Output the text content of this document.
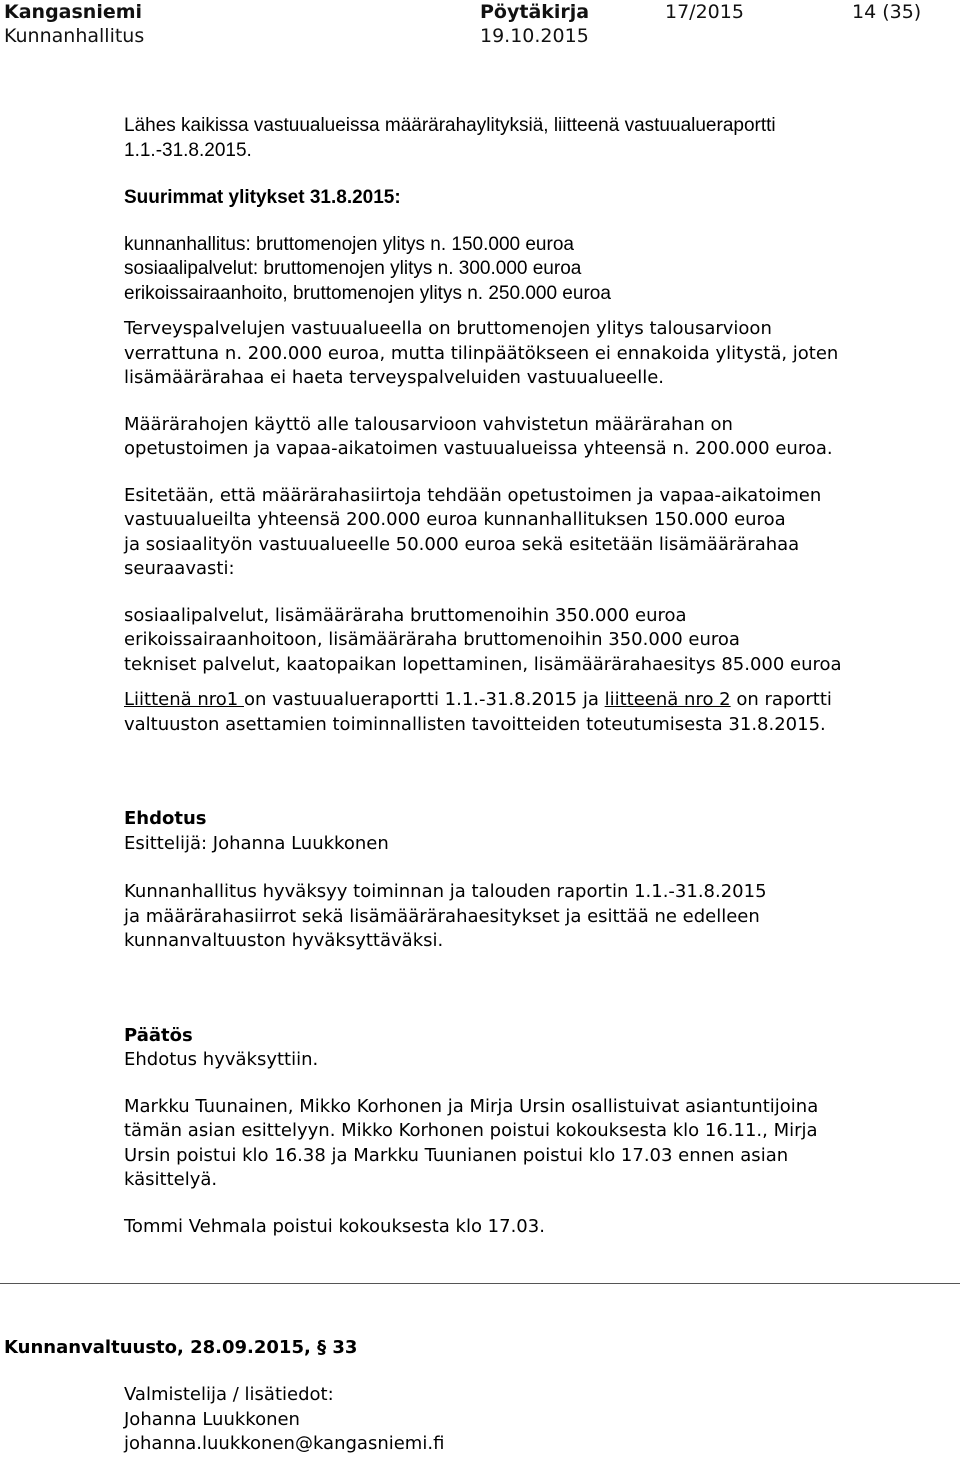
Kangasniemi
Kunnanhallitus
Pöytäkirja
19.10.2015
17/2015	14 (35)
Lähes kaikissa vastuualueissa määrärahaylityksiä, liitteenä vastuualueraportti
1.1.-31.8.2015.
Suurimmat ylitykset 31.8.2015:
kunnanhallitus: bruttomenojen ylitys n. 150.000 euroa
sosiaalipalvelut: bruttomenojen ylitys n. 300.000 euroa
erikoissairaanhoito, bruttomenojen ylitys n. 250.000 euroa
Terveyspalvelujen vastuualueella on bruttomenojen ylitys talousarvioon
verrattuna n. 200.000 euroa, mutta tilinpäätökseen ei ennakoida ylitystä, joten
lisämäärärahaa ei haeta terveyspalveluiden vastuualueelle.
Määrärahojen käyttö alle talousarvioon vahvistetun määrärahan on
opetustoimen ja vapaa-aikatoimen vastuualueissa yhteensä n. 200.000 euroa.
Esitetään, että määrärahasiirtoja tehdään opetustoimen ja vapaa-aikatoimen
vastuualueilta yhteensä 200.000 euroa kunnanhallituksen 150.000 euroa
ja sosiaalityön vastuualueelle 50.000 euroa sekä esitetään lisämäärärahaa
seuraavasti:
sosiaalipalvelut, lisämääräraha bruttomenoihin 350.000 euroa
erikoissairaanhoitoon, lisämääräraha bruttomenoihin 350.000 euroa
tekniset palvelut, kaatopaikan lopettaminen, lisämäärärahaesitys 85.000 euroa
Liittenä nro1 on vastuualueraportti 1.1.-31.8.2015 ja liitteenä nro 2 on raportti
valtuuston asettamien toiminnallisten tavoitteiden toteutumisesta 31.8.2015.
Ehdotus
Esittelijä: Johanna Luukkonen
Kunnanhallitus hyväksyy toiminnan ja talouden raportin 1.1.-31.8.2015
ja määrärahasiirrot sekä lisämäärärahaesitykset ja esittää ne edelleen
kunnanvaltuuston hyväksyttäväksi.
Päätös
Ehdotus hyväksyttiin.
Markku Tuunainen, Mikko Korhonen ja Mirja Ursin osallistuivat asiantuntijoina
tämän asian esittelyyn. Mikko Korhonen poistui kokouksesta klo 16.11., Mirja
Ursin poistui klo 16.38 ja Markku Tuunianen poistui klo 17.03 ennen asian
käsittelyä.
Tommi Vehmala poistui kokouksesta klo 17.03.
Kunnanvaltuusto, 28.09.2015, § 33
Valmistelija / lisätiedot:
Johanna Luukkonen
johanna.luukkonen@kangasniemi.fi
